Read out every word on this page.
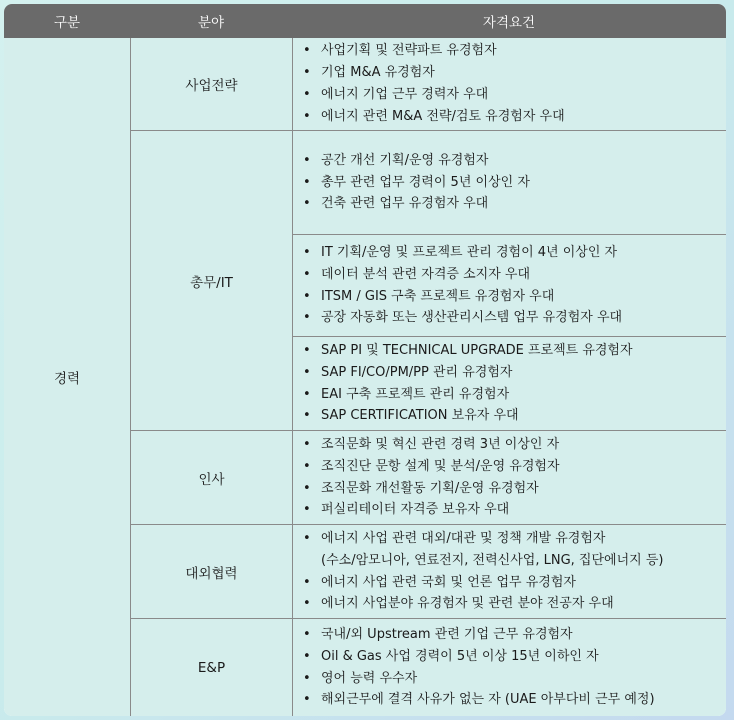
구분	분야	자격요건
경력
사업전략
• 사업기획 및 전략파트 유경험자
• 기업 M&A 유경험자
• 에너지 기업 근무 경력자 우대
• 에너지 관련 M&A 전략/검토 유경험자 우대
총무/IT
• 공간 개선 기획/운영 유경험자
• 총무 관련 업무 경력이 5년 이상인 자
• 건축 관련 업무 유경험자 우대
• IT 기획/운영 및 프로젝트 관리 경험이 4년 이상인 자
• 데이터 분석 관련 자격증 소지자 우대
• ITSM / GIS 구축 프로젝트 유경험자 우대
• 공장 자동화 또는 생산관리시스템 업무 유경험자 우대
• SAP PI 및 TECHNICAL UPGRADE 프로젝트 유경험자
• SAP FI/CO/PM/PP 관리 유경험자
• EAI 구축 프로젝트 관리 유경험자
• SAP CERTIFICATION 보유자 우대
인사
• 조직문화 및 혁신 관련 경력 3년 이상인 자
• 조직진단 문항 설계 및 분석/운영 유경험자
• 조직문화 개선활동 기획/운영 유경험자
• 퍼실리테이터 자격증 보유자 우대
대외협력
• 에너지 사업 관련 대외/대관 및 정책 개발 유경험자
(수소/암모니아, 연료전지, 전력신사업, LNG, 집단에너지 등)
• 에너지 사업 관련 국회 및 언론 업무 유경험자
• 에너지 사업분야 유경험자 및 관련 분야 전공자 우대
E&P
• 국내/외 Upstream 관련 기업 근무 유경험자
• Oil & Gas 사업 경력이 5년 이상 15년 이하인 자
• 영어 능력 우수자
• 해외근무에 결격 사유가 없는 자 (UAE 아부다비 근무 예정)
